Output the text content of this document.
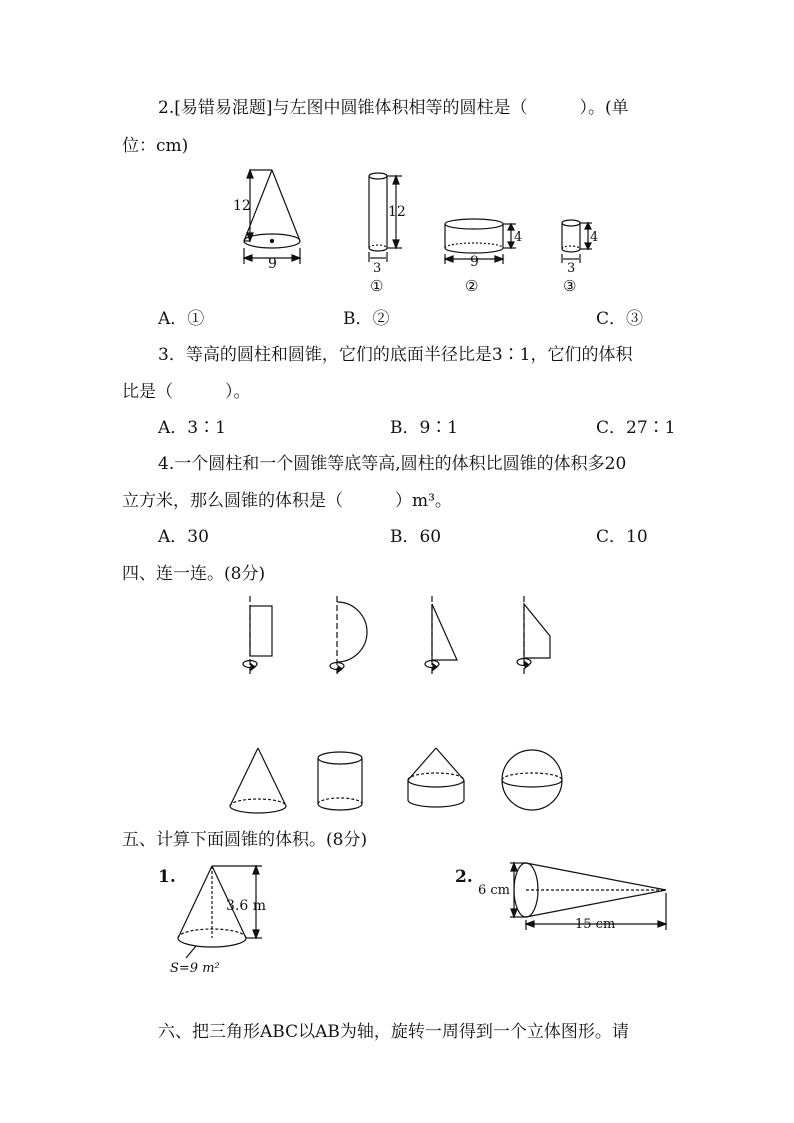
2.[易错易混题]与左图中圆锥体积相等的圆柱是（	）。(单
位：cm)
12
9
12
3
①
4
9
②
4
3
③
A．①	B．②	C．③
3．等高的圆柱和圆锥，它们的底面半径比是3∶1，它们的体积
比是（	）。
A．3∶1	B．9∶1	C．27∶1
4.一个圆柱和一个圆锥等底等高,圆柱的体积比圆锥的体积多20
立方米，那么圆锥的体积是（	）m³。
A．30	B．60	C．10
四、连一连。(8分)
五、计算下面圆锥的体积。(8分)
1.
3.6 m
S=9 m²
2.
6 cm
15 cm
六、把三角形ABC以AB为轴，旋转一周得到一个立体图形。请
